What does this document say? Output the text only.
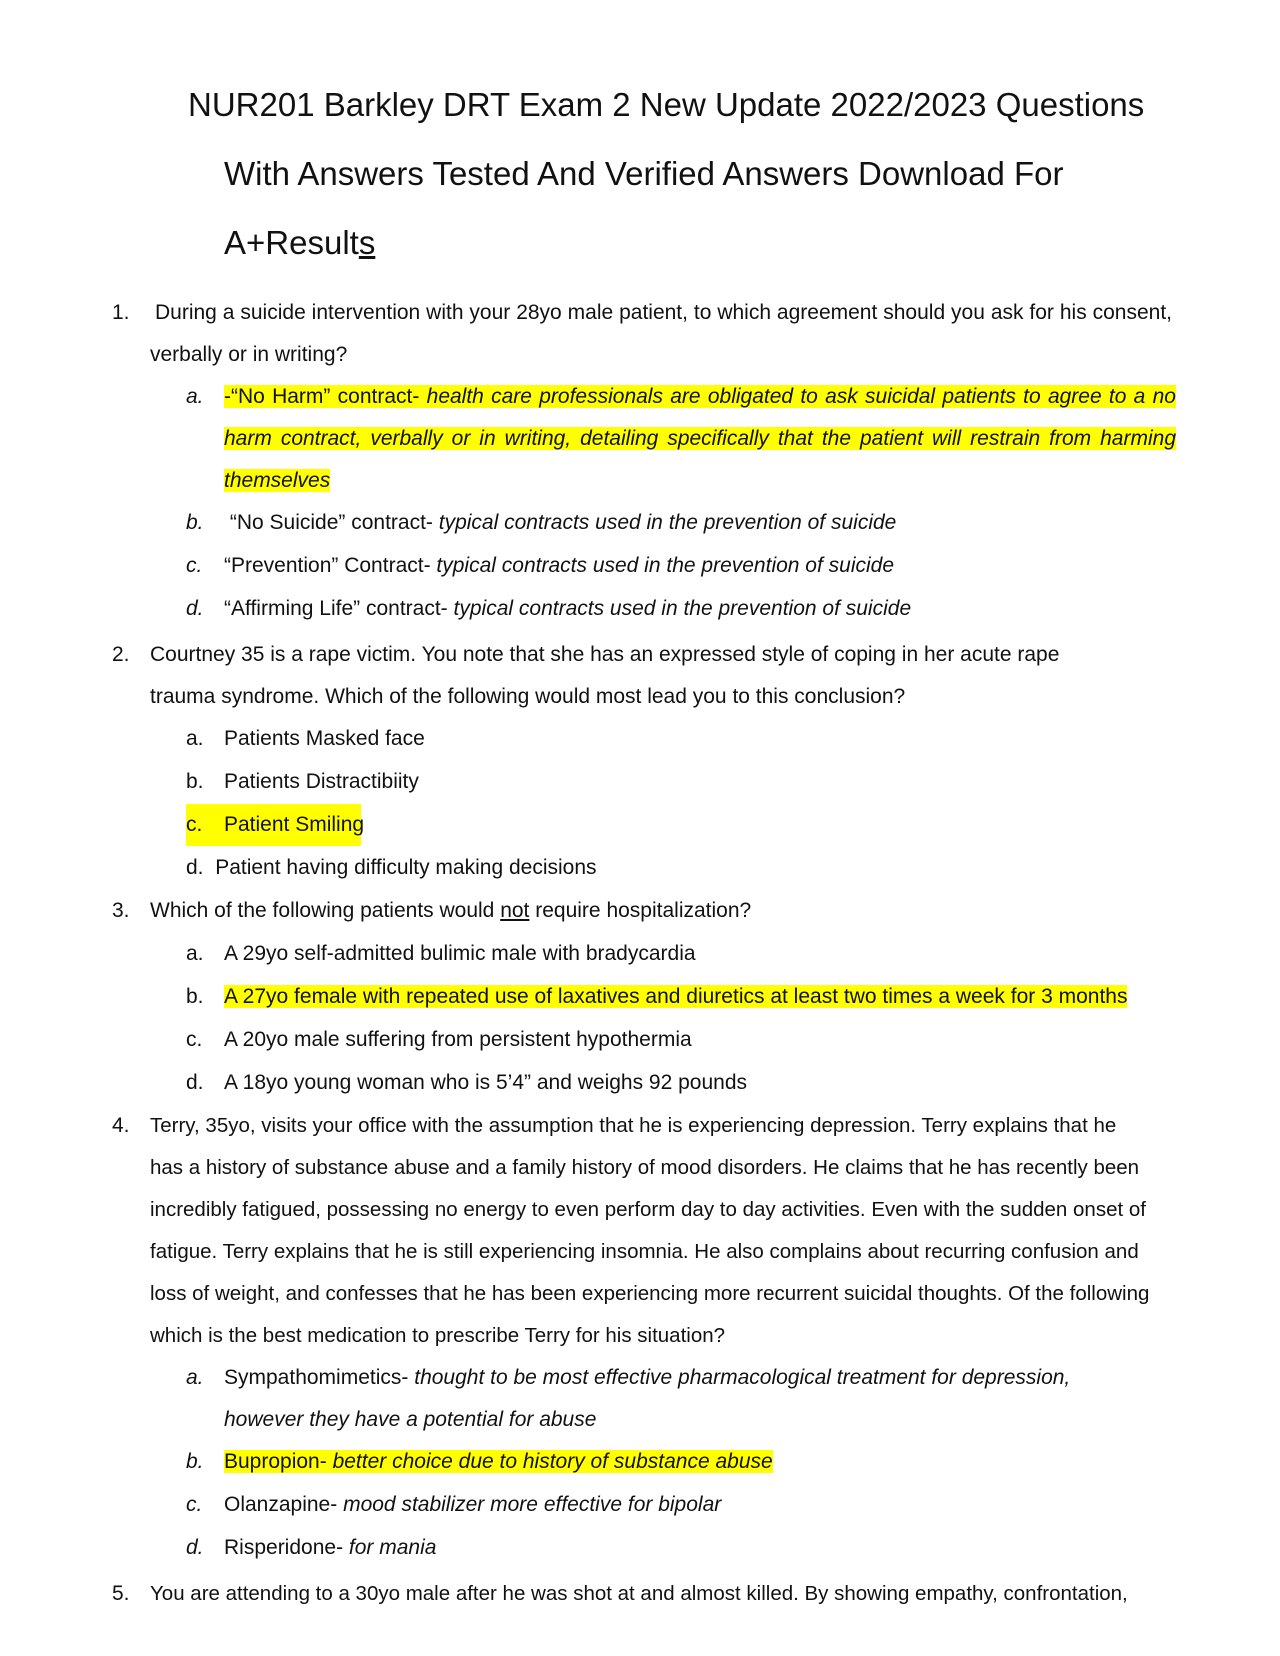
NUR201 Barkley DRT Exam 2 New Update 2022/2023 Questions
With Answers Tested And Verified Answers Download For
A+Results
1.	During a suicide intervention with your 28yo male patient, to which agreement should you ask for his consent, verbally or in writing?
a. -“No Harm” contract- health care professionals are obligated to ask suicidal patients to agree to a no harm contract, verbally or in writing, detailing specifically that the patient will restrain from harming themselves
b. “No Suicide” contract- typical contracts used in the prevention of suicide
c.	“Prevention” Contract- typical contracts used in the prevention of suicide
d. “Affirming Life” contract- typical contracts used in the prevention of suicide
2. Courtney 35 is a rape victim. You note that she has an expressed style of coping in her acute rape
trauma syndrome. Which of the following would most lead you to this conclusion?
a. Patients Masked face
b. Patients Distractibiity

c.	Patient Smiling
d. Patient having difficulty making decisions
3. Which of the following patients would not require hospitalization?
a. A 29yo self-admitted bulimic male with bradycardia
b. A 27yo female with repeated use of laxatives and diuretics at least two times a week for 3 months
c.	A 20yo male suffering from persistent hypothermia
d. A 18yo young woman who is 5’4” and weighs 92 pounds
4. Terry, 35yo, visits your office with the assumption that he is experiencing depression. Terry explains that he
has a history of substance abuse and a family history of mood disorders. He claims that he has recently been
incredibly fatigued, possessing no energy to even perform day to day activities. Even with the sudden onset of
fatigue. Terry explains that he is still experiencing insomnia. He also complains about recurring confusion and
loss of weight, and confesses that he has been experiencing more recurrent suicidal thoughts. Of the following
which is the best medication to prescribe Terry for his situation?
a. Sympathomimetics- thought to be most effective pharmacological treatment for depression,
however they have a potential for abuse
b. Bupropion- better choice due to history of substance abuse
c.	Olanzapine- mood stabilizer more effective for bipolar
d. Risperidone- for mania
5. You are attending to a 30yo male after he was shot at and almost killed. By showing empathy, confrontation,
